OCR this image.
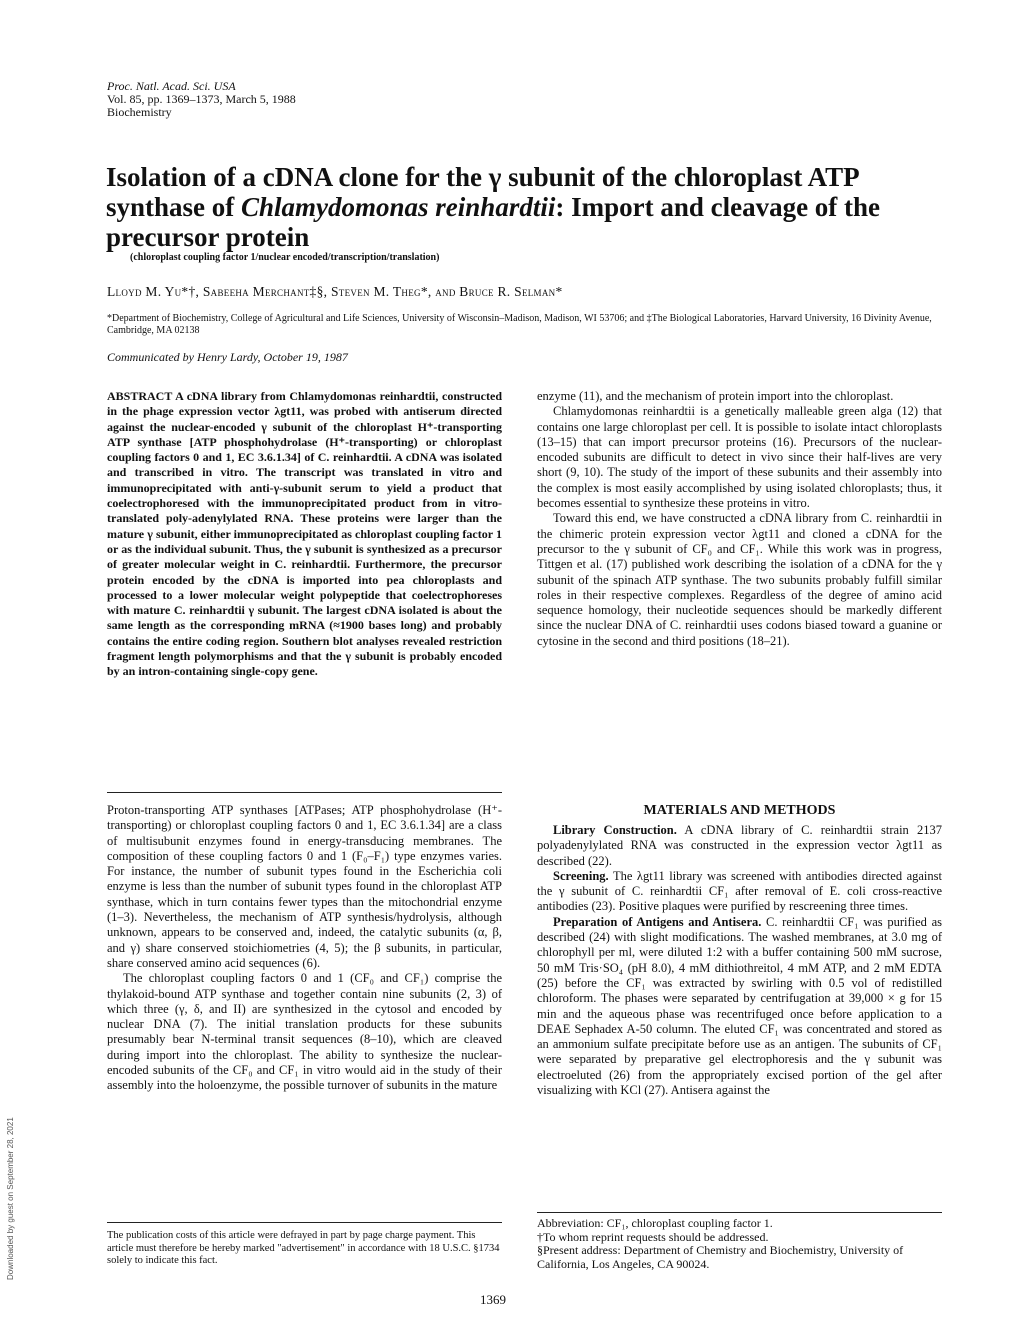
Proc. Natl. Acad. Sci. USA
Vol. 85, pp. 1369–1373, March 5, 1988
Biochemistry
Isolation of a cDNA clone for the γ subunit of the chloroplast ATP synthase of Chlamydomonas reinhardtii: Import and cleavage of the precursor protein
(chloroplast coupling factor 1/nuclear encoded/transcription/translation)
Lloyd M. Yu*†, Sabeeha Merchant‡§, Steven M. Theg*, and Bruce R. Selman*
*Department of Biochemistry, College of Agricultural and Life Sciences, University of Wisconsin–Madison, Madison, WI 53706; and ‡The Biological Laboratories, Harvard University, 16 Divinity Avenue, Cambridge, MA 02138
Communicated by Henry Lardy, October 19, 1987
ABSTRACT A cDNA library from Chlamydomonas reinhardtii, constructed in the phage expression vector λgt11, was probed with antiserum directed against the nuclear-encoded γ subunit of the chloroplast H⁺-transporting ATP synthase [ATP phosphohydrolase (H⁺-transporting) or chloroplast coupling factors 0 and 1, EC 3.6.1.34] of C. reinhardtii. A cDNA was isolated and transcribed in vitro. The transcript was translated in vitro and immunoprecipitated with anti-γ-subunit serum to yield a product that coelectrophoresed with the immunoprecipitated product from in vitro-translated poly-adenylylated RNA. These proteins were larger than the mature γ subunit, either immunoprecipitated as chloroplast coupling factor 1 or as the individual subunit. Thus, the γ subunit is synthesized as a precursor of greater molecular weight in C. reinhardtii. Furthermore, the precursor protein encoded by the cDNA is imported into pea chloroplasts and processed to a lower molecular weight polypeptide that coelectrophoreses with mature C. reinhardtii γ subunit. The largest cDNA isolated is about the same length as the corresponding mRNA (≈1900 bases long) and probably contains the entire coding region. Southern blot analyses revealed restriction fragment length polymorphisms and that the γ subunit is probably encoded by an intron-containing single-copy gene.

enzyme (11), and the mechanism of protein import into the chloroplast.

Chlamydomonas reinhardtii is a genetically malleable green alga (12) that contains one large chloroplast per cell. It is possible to isolate intact chloroplasts (13–15) that can import precursor proteins (16). Precursors of the nuclear-encoded subunits are difficult to detect in vivo since their half-lives are very short (9, 10). The study of the import of these subunits and their assembly into the complex is most easily accomplished by using isolated chloroplasts; thus, it becomes essential to synthesize these proteins in vitro.

Toward this end, we have constructed a cDNA library from C. reinhardtii in the chimeric protein expression vector λgt11 and cloned a cDNA for the precursor to the γ subunit of CF₀ and CF₁. While this work was in progress, Tittgen et al. (17) published work describing the isolation of a cDNA for the γ subunit of the spinach ATP synthase. The two subunits probably fulfill similar roles in their respective complexes. Regardless of the degree of amino acid sequence homology, their nucleotide sequences should be markedly different since the nuclear DNA of C. reinhardtii uses codons biased toward a guanine or cytosine in the second and third positions (18–21).

Proton-transporting ATP synthases [ATPases; ATP phosphohydrolase (H⁺-transporting) or chloroplast coupling factors 0 and 1, EC 3.6.1.34] are a class of multisubunit enzymes found in energy-transducing membranes. The composition of these coupling factors 0 and 1 (F₀–F₁) type enzymes varies. For instance, the number of subunit types found in the Escherichia coli enzyme is less than the number of subunit types found in the chloroplast ATP synthase, which in turn contains fewer types than the mitochondrial enzyme (1–3). Nevertheless, the mechanism of ATP synthesis/hydrolysis, although unknown, appears to be conserved and, indeed, the catalytic subunits (α, β, and γ) share conserved stoichiometries (4, 5); the β subunits, in particular, share conserved amino acid sequences (6).

The chloroplast coupling factors 0 and 1 (CF₀ and CF₁) comprise the thylakoid-bound ATP synthase and together contain nine subunits (2, 3) of which three (γ, δ, and II) are synthesized in the cytosol and encoded by nuclear DNA (7). The initial translation products for these subunits presumably bear N-terminal transit sequences (8–10), which are cleaved during import into the chloroplast. The ability to synthesize the nuclear-encoded subunits of the CF₀ and CF₁ in vitro would aid in the study of their assembly into the holoenzyme, the possible turnover of subunits in the mature

MATERIALS AND METHODS

Library Construction. A cDNA library of C. reinhardtii strain 2137 polyadenylylated RNA was constructed in the expression vector λgt11 as described (22).

Screening. The λgt11 library was screened with antibodies directed against the γ subunit of C. reinhardtii CF₁ after removal of E. coli cross-reactive antibodies (23). Positive plaques were purified by rescreening three times.

Preparation of Antigens and Antisera. C. reinhardtii CF₁ was purified as described (24) with slight modifications. The washed membranes, at 3.0 mg of chlorophyll per ml, were diluted 1:2 with a buffer containing 500 mM sucrose, 50 mM Tris·SO₄ (pH 8.0), 4 mM dithiothreitol, 4 mM ATP, and 2 mM EDTA (25) before the CF₁ was extracted by swirling with 0.5 vol of redistilled chloroform. The phases were separated by centrifugation at 39,000 × g for 15 min and the aqueous phase was recentrifuged once before application to a DEAE Sephadex A-50 column. The eluted CF₁ was concentrated and stored as an ammonium sulfate precipitate before use as an antigen. The subunits of CF₁ were separated by preparative gel electrophoresis and the γ subunit was electroeluted (26) from the appropriately excised portion of the gel after visualizing with KCl (27). Antisera against the

The publication costs of this article were defrayed in part by page charge payment. This article must therefore be hereby marked "advertisement" in accordance with 18 U.S.C. §1734 solely to indicate this fact.
Abbreviation: CF₁, chloroplast coupling factor 1.
†To whom reprint requests should be addressed.
§Present address: Department of Chemistry and Biochemistry, University of California, Los Angeles, CA 90024.
1369
Downloaded by guest on September 28, 2021
